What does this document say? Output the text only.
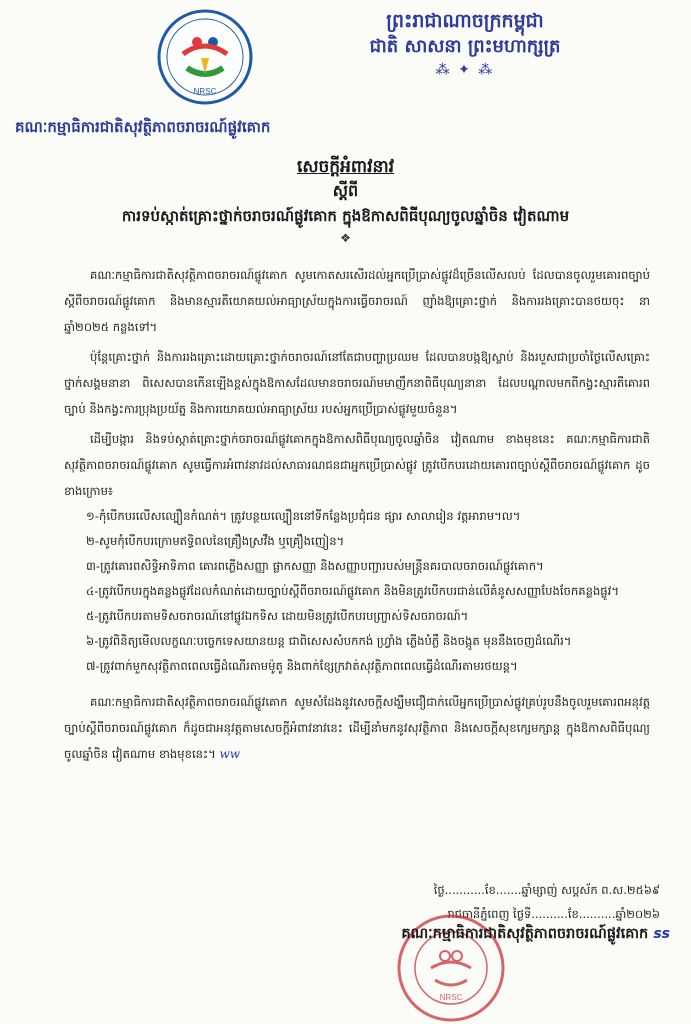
NRSC
ព្រះរាជាណាចក្រកម្ពុជា
ជាតិ សាសនា ព្រះមហាក្សត្រ
⁂ ✦ ⁂
គណៈកម្មាធិការជាតិសុវត្ថិភាពចរាចរណ៍ផ្លូវគោក
សេចក្តីអំពាវនាវ
ស្តីពី
ការទប់ស្កាត់គ្រោះថ្នាក់ចរាចរណ៍ផ្លូវគោក ក្នុងឱកាសពិធីបុណ្យចូលឆ្នាំចិន វៀតណាម
❖

គណៈកម្មាធិការជាតិសុវត្ថិភាពចរាចរណ៍ផ្លូវគោក សូមកោតសរសើរដល់អ្នកប្រើប្រាស់ផ្លូវដ៏ច្រើនលើសលប់ ដែលបានចូលរួមគោរពច្បាប់ស្តីពីចរាចរណ៍ផ្លូវគោក និងមានស្មារតីយោគយល់អាធ្យាស្រ័យក្នុងការធ្វើចរាចរណ៍ ញ៉ាំងឱ្យគ្រោះថ្នាក់ និងការរងគ្រោះបានថយចុះ នាឆ្នាំ២០២៥ កន្លងទៅ។

ប៉ុន្តែគ្រោះថ្នាក់ និងការរងគ្រោះដោយគ្រោះថ្នាក់ចរាចរណ៍នៅតែជាបញ្ហាប្រឈម ដែលបានបង្កឱ្យស្លាប់ និងរបួសជាប្រចាំថ្ងៃលើសគ្រោះថ្នាក់សង្គមនានា ពិសេសបានកើនឡើងខ្ពស់ក្នុងឱកាសដែលមានចរាចរណ៍មមាញឹកនាពិធីបុណ្យនានា ដែលបណ្តាលមកពីកង្វះស្មារតីគោរពច្បាប់ និងកង្វះការប្រុងប្រយ័ត្ន និងការយោគយល់អាធ្យាស្រ័យ របស់អ្នកប្រើប្រាស់ផ្លូវមួយចំនួន។

ដើម្បីបង្ការ និងទប់ស្កាត់គ្រោះថ្នាក់ចរាចរណ៍ផ្លូវគោកក្នុងឱកាសពិធីបុណ្យចូលឆ្នាំចិន វៀតណាម ខាងមុខនេះ គណៈកម្មាធិការជាតិសុវត្ថិភាពចរាចរណ៍ផ្លូវគោក សូមធ្វើការអំពាវនាវដល់សាធារណជនជាអ្នកប្រើប្រាស់ផ្លូវ ត្រូវបើកបរដោយគោរពច្បាប់ស្តីពីចរាចរណ៍ផ្លូវគោក ដូចខាងក្រោម៖

១-កុំបើកបរលើសល្បឿនកំណត់។ ត្រូវបន្ថយល្បឿននៅទីកន្លែងប្រជុំជន ផ្សារ សាលារៀន វត្តអារាម។ល។

២-សូមកុំបើកបរក្រោមឥទ្ធិពលនៃគ្រឿងស្រវឹង ឬគ្រឿងញៀន។

៣-ត្រូវគោរពសិទ្ធិអាទិភាព គោរពភ្លើងសញ្ញា ផ្លាកសញ្ញា និងសញ្ញាបញ្ជារបស់មន្ត្រីនគរបាលចរាចរណ៍ផ្លូវគោក។

៤-ត្រូវបើកបរក្នុងគន្លងផ្លូវដែលកំណត់ដោយច្បាប់ស្តីពីចរាចរណ៍ផ្លូវគោក និងមិនត្រូវបើកបរជាន់លើគំនូសសញ្ញាបែងចែកគន្លងផ្លូវ។

៥-ត្រូវបើកបរតាមទិសចរាចរណ៍នៅផ្លូវឯកទិស ដោយមិនត្រូវបើកបរបញ្ច្រាស់ទិសចរាចរណ៍។

៦-ត្រូវពិនិត្យមើលលក្ខណៈបច្ចេកទេសយានយន្ត ជាពិសេសសំបកកង់ ហ្វ្រាំង ភ្លើងបំភ្លឺ និងចង្កូត មុននឹងចេញដំណើរ។

៧-ត្រូវពាក់មួកសុវត្ថិភាពពេលធ្វើដំណើរតាមម៉ូតូ និងពាក់ខ្សែក្រវាត់សុវត្ថិភាពពេលធ្វើដំណើរតាមរថយន្ត។

គណៈកម្មាធិការជាតិសុវត្ថិភាពចរាចរណ៍ផ្លូវគោក សូមសំដែងនូវសេចក្តីសង្ឃឹមជឿជាក់លើអ្នកប្រើប្រាស់ផ្លូវគ្រប់រូបនឹងចូលរួមគោរពអនុវត្តច្បាប់ស្តីពីចរាចរណ៍ផ្លូវគោក ក៏ដូចជាអនុវត្តតាមសេចក្តីអំពាវនាវនេះ ដើម្បីនាំមកនូវសុវត្ថិភាព និងសេចក្តីសុខក្សេមក្សាន្ត ក្នុងឱកាសពិធីបុណ្យចូលឆ្នាំចិន វៀតណាម ខាងមុខនេះ។ ww

ថ្ងៃ...........ខែ.......ឆ្នាំម្សាញ់ សប្តស័ក ព.ស.២៥៦៩
រាជធានីភ្នំពេញ ថ្ងៃទី..........ខែ..........ឆ្នាំ២០២៦
NRSC
គណៈកម្មាធិការជាតិសុវត្ថិភាពចរាចរណ៍ផ្លូវគោក ss
